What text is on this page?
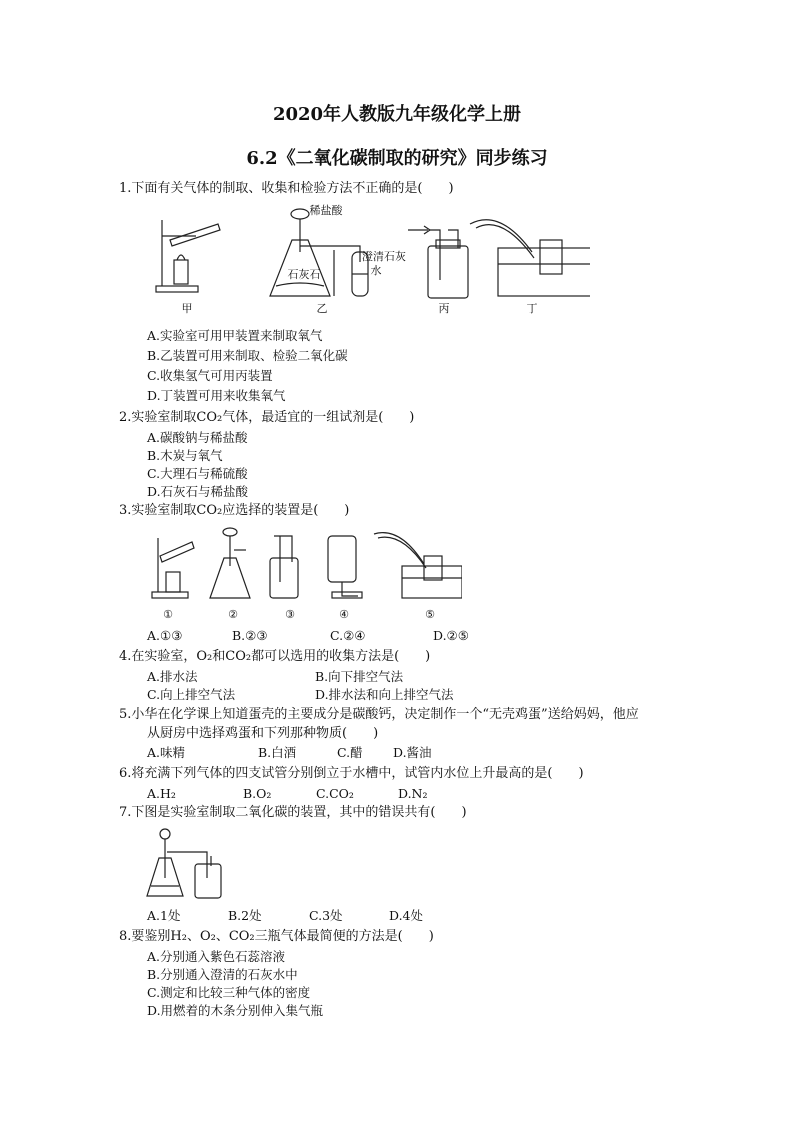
2020年人教版九年级化学上册
6.2《二氧化碳制取的研究》同步练习
1.下面有关气体的制取、收集和检验方法不正确的是(　　)
甲	乙	丙	丁
稀盐酸
石灰石
澄清石灰
水
A.实验室可用甲装置来制取氧气
B.乙装置可用来制取、检验二氧化碳
C.收集氢气可用丙装置
D.丁装置可用来收集氧气
2.实验室制取CO₂气体，最适宜的一组试剂是(　　)
A.碳酸钠与稀盐酸
B.木炭与氧气
C.大理石与稀硫酸
D.石灰石与稀盐酸
3.实验室制取CO₂应选择的装置是(　　)
①	②	③	④	⑤
A.①③	B.②③	C.②④	D.②⑤
4.在实验室，O₂和CO₂都可以选用的收集方法是(　　)
A.排水法	B.向下排空气法
C.向上排空气法	D.排水法和向上排空气法
5.小华在化学课上知道蛋壳的主要成分是碳酸钙，决定制作一个“无壳鸡蛋”送给妈妈，他应
从厨房中选择鸡蛋和下列那种物质(　　)
A.味精	B.白酒	C.醋 D.酱油
6.将充满下列气体的四支试管分别倒立于水槽中，试管内水位上升最高的是(　　)
A.H₂	B.O₂	C.CO₂	D.N₂
7.下图是实验室制取二氧化碳的装置，其中的错误共有(　　)
A.1处	B.2处	C.3处	D.4处
8.要鉴别H₂、O₂、CO₂三瓶气体最简便的方法是(　　)
A.分别通入紫色石蕊溶液
B.分别通入澄清的石灰水中
C.测定和比较三种气体的密度
D.用燃着的木条分别伸入集气瓶
